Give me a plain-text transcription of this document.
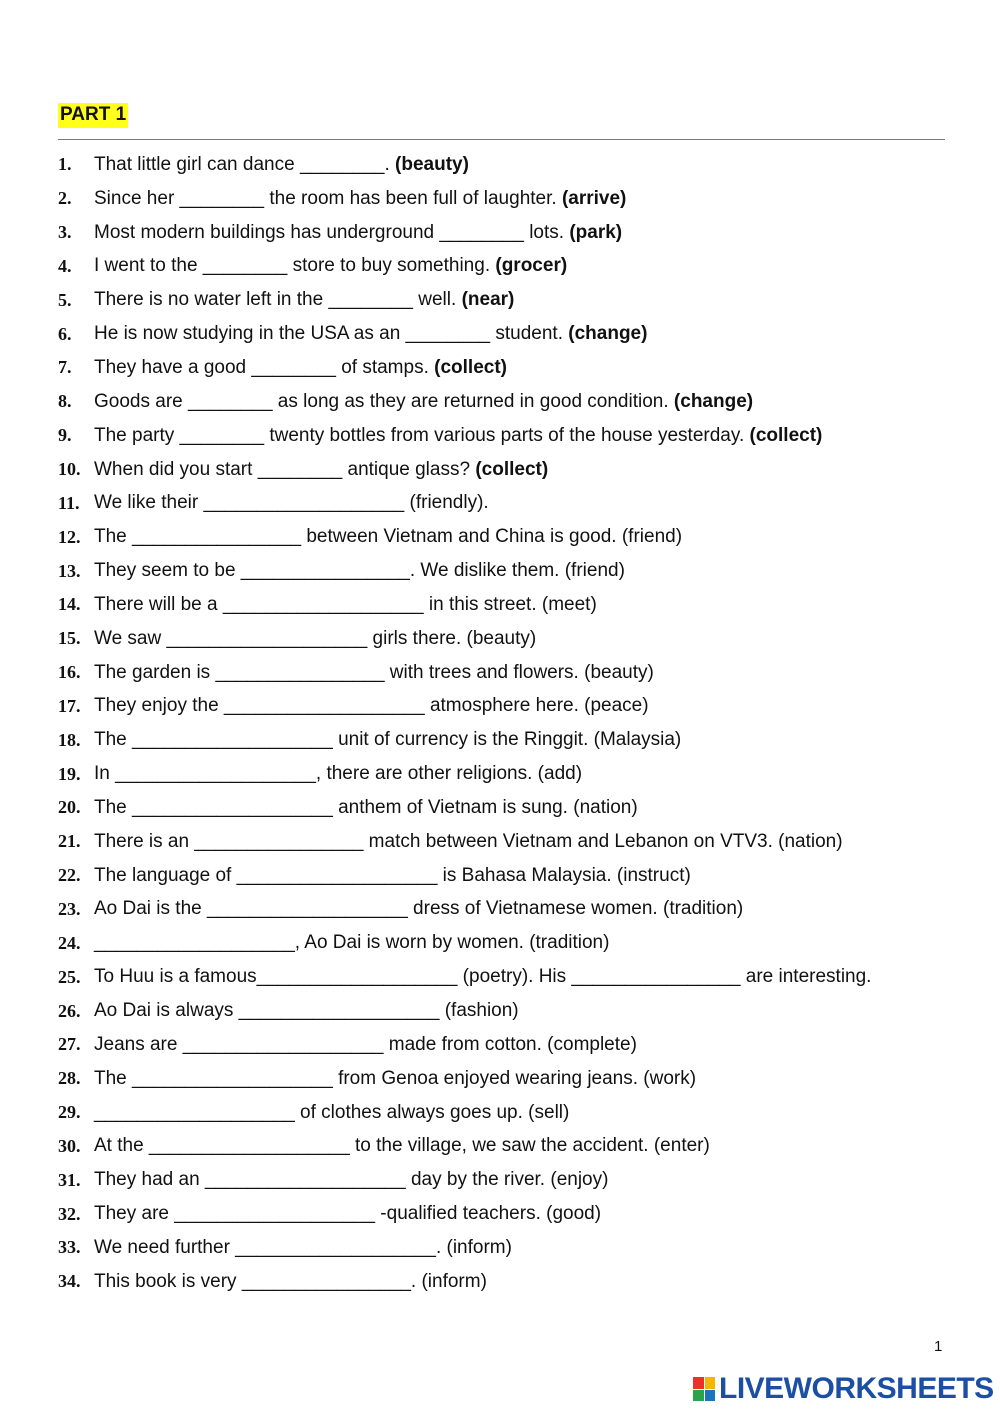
PART 1
1.	That little girl can dance ________. (beauty)
2.	Since her ________ the room has been full of laughter. (arrive)
3.	Most modern buildings has underground ________ lots. (park)
4.	I went to the ________ store to buy something. (grocer)
5.	There is no water left in the ________ well. (near)
6.	He is now studying in the USA as an ________ student. (change)
7.	They have a good ________ of stamps. (collect)
8.	Goods are ________ as long as they are returned in good condition. (change)
9.	The party ________ twenty bottles from various parts of the house yesterday. (collect)
10. When did you start ________ antique glass? (collect)
11. We like their ___________________ (friendly).
12. The ________________ between Vietnam and China is good. (friend)
13. They seem to be ________________. We dislike them. (friend)
14. There will be a ___________________ in this street. (meet)
15. We saw ___________________ girls there. (beauty)
16. The garden is ________________ with trees and flowers. (beauty)
17. They enjoy the ___________________ atmosphere here. (peace)
18. The ___________________ unit of currency is the Ringgit. (Malaysia)
19. In ___________________, there are other religions. (add)
20. The ___________________ anthem of Vietnam is sung. (nation)
21. There is an ________________ match between Vietnam and Lebanon on VTV3. (nation)
22. The language of ___________________ is Bahasa Malaysia. (instruct)
23. Ao Dai is the ___________________ dress of Vietnamese women. (tradition)
24. ___________________, Ao Dai is worn by women. (tradition)
25. To Huu is a famous___________________ (poetry). His ________________ are interesting.
26. Ao Dai is always ___________________ (fashion)
27. Jeans are ___________________ made from cotton. (complete)
28. The ___________________ from Genoa enjoyed wearing jeans. (work)
29. ___________________ of clothes always goes up. (sell)
30. At the ___________________ to the village, we saw the accident. (enter)
31. They had an ___________________ day by the river. (enjoy)
32. They are ___________________ -qualified teachers. (good)
33. We need further ___________________. (inform)
34. This book is very ________________. (inform)
1
LIVEWORKSHEETS
